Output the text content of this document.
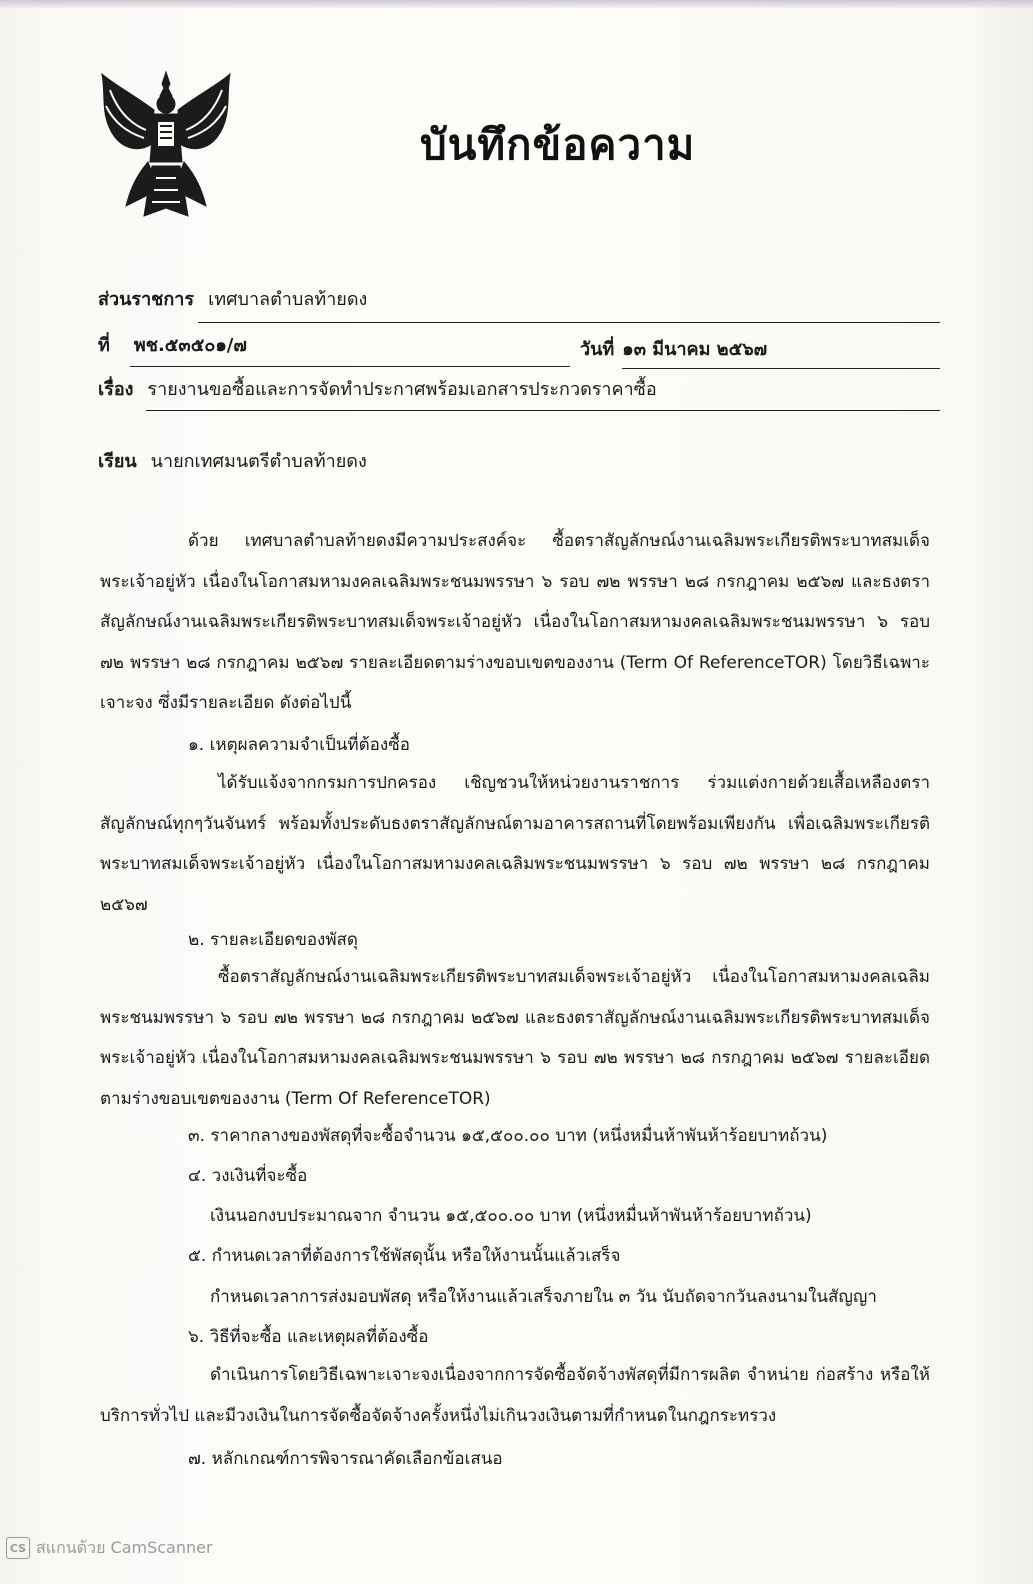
บันทึกข้อความ
ส่วนราชการ เทศบาลตำบลท้ายดง
ที่ พช.๕๓๕๐๑/๗	วันที่ ๑๓ มีนาคม ๒๕๖๗
เรื่อง รายงานขอซื้อและการจัดทำประกาศพร้อมเอกสารประกวดราคาซื้อ
เรียน นายกเทศมนตรีตำบลท้ายดง
ด้วย เทศบาลตำบลท้ายดงมีความประสงค์จะ ซื้อตราสัญลักษณ์งานเฉลิมพระเกียรติพระบาทสมเด็จพระเจ้าอยู่หัว เนื่องในโอกาสมหามงคลเฉลิมพระชนมพรรษา ๖ รอบ ๗๒ พรรษา ๒๘ กรกฎาคม ๒๕๖๗ และธงตราสัญลักษณ์งานเฉลิมพระเกียรติพระบาทสมเด็จพระเจ้าอยู่หัว เนื่องในโอกาสมหามงคลเฉลิมพระชนมพรรษา ๖ รอบ ๗๒ พรรษา ๒๘ กรกฎาคม ๒๕๖๗ รายละเอียดตามร่างขอบเขตของงาน (Term Of ReferenceTOR) โดยวิธีเฉพาะเจาะจง ซึ่งมีรายละเอียด ดังต่อไปนี้
๑. เหตุผลความจำเป็นที่ต้องซื้อ
ได้รับแจ้งจากกรมการปกครอง เชิญชวนให้หน่วยงานราชการ ร่วมแต่งกายด้วยเสื้อเหลืองตราสัญลักษณ์ทุกๆวันจันทร์ พร้อมทั้งประดับธงตราสัญลักษณ์ตามอาคารสถานที่โดยพร้อมเพียงกัน เพื่อเฉลิมพระเกียรติพระบาทสมเด็จพระเจ้าอยู่หัว เนื่องในโอกาสมหามงคลเฉลิมพระชนมพรรษา ๖ รอบ ๗๒ พรรษา ๒๘ กรกฎาคม ๒๕๖๗
๒. รายละเอียดของพัสดุ
ซื้อตราสัญลักษณ์งานเฉลิมพระเกียรติพระบาทสมเด็จพระเจ้าอยู่หัว เนื่องในโอกาสมหามงคลเฉลิมพระชนมพรรษา ๖ รอบ ๗๒ พรรษา ๒๘ กรกฎาคม ๒๕๖๗ และธงตราสัญลักษณ์งานเฉลิมพระเกียรติพระบาทสมเด็จพระเจ้าอยู่หัว เนื่องในโอกาสมหามงคลเฉลิมพระชนมพรรษา ๖ รอบ ๗๒ พรรษา ๒๘ กรกฎาคม ๒๕๖๗ รายละเอียดตามร่างขอบเขตของงาน (Term Of ReferenceTOR)
๓. ราคากลางของพัสดุที่จะซื้อจำนวน ๑๕,๕๐๐.๐๐ บาท (หนึ่งหมื่นห้าพันห้าร้อยบาทถ้วน)
๔. วงเงินที่จะซื้อ
เงินนอกงบประมาณจาก จำนวน ๑๕,๕๐๐.๐๐ บาท (หนึ่งหมื่นห้าพันห้าร้อยบาทถ้วน)
๕. กำหนดเวลาที่ต้องการใช้พัสดุนั้น หรือให้งานนั้นแล้วเสร็จ
กำหนดเวลาการส่งมอบพัสดุ หรือให้งานแล้วเสร็จภายใน ๓ วัน นับถัดจากวันลงนามในสัญญา
๖. วิธีที่จะซื้อ และเหตุผลที่ต้องซื้อ
ดำเนินการโดยวิธีเฉพาะเจาะจงเนื่องจากการจัดซื้อจัดจ้างพัสดุที่มีการผลิต จำหน่าย ก่อสร้าง หรือให้บริการทั่วไป และมีวงเงินในการจัดซื้อจัดจ้างครั้งหนึ่งไม่เกินวงเงินตามที่กำหนดในกฎกระทรวง
๗. หลักเกณฑ์การพิจารณาคัดเลือกข้อเสนอ
CS สแกนด้วย CamScanner
